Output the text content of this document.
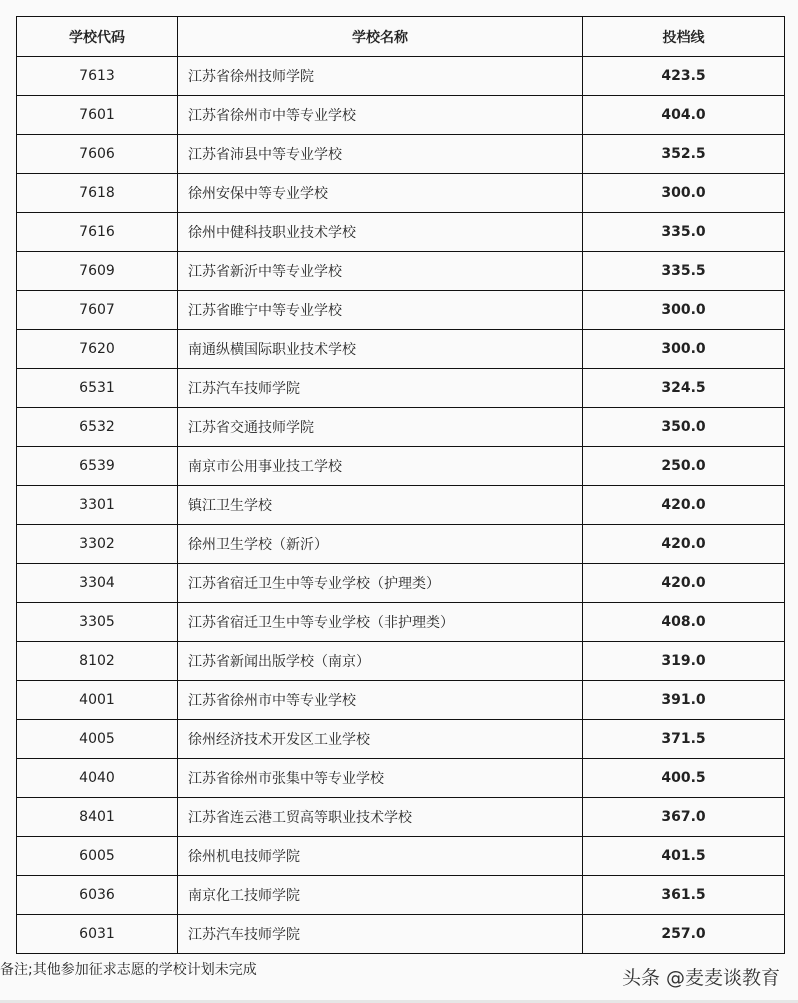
学校代码	学校名称	投档线
7613	江苏省徐州技师学院	423.5
7601	江苏省徐州市中等专业学校	404.0
7606	江苏省沛县中等专业学校	352.5
7618	徐州安保中等专业学校	300.0
7616	徐州中健科技职业技术学校	335.0
7609	江苏省新沂中等专业学校	335.5
7607	江苏省睢宁中等专业学校	300.0
7620	南通纵横国际职业技术学校	300.0
6531	江苏汽车技师学院	324.5
6532	江苏省交通技师学院	350.0
6539	南京市公用事业技工学校	250.0
3301	镇江卫生学校	420.0
3302	徐州卫生学校（新沂）	420.0
3304	江苏省宿迁卫生中等专业学校（护理类）	420.0
3305	江苏省宿迁卫生中等专业学校（非护理类）	408.0
8102	江苏省新闻出版学校（南京）	319.0
4001	江苏省徐州市中等专业学校	391.0
4005	徐州经济技术开发区工业学校	371.5
4040	江苏省徐州市张集中等专业学校	400.5
8401	江苏省连云港工贸高等职业技术学校	367.0
6005	徐州机电技师学院	401.5
6036	南京化工技师学院	361.5
6031	江苏汽车技师学院	257.0
备注;其他参加征求志愿的学校计划未完成	头条 @麦麦谈教育
